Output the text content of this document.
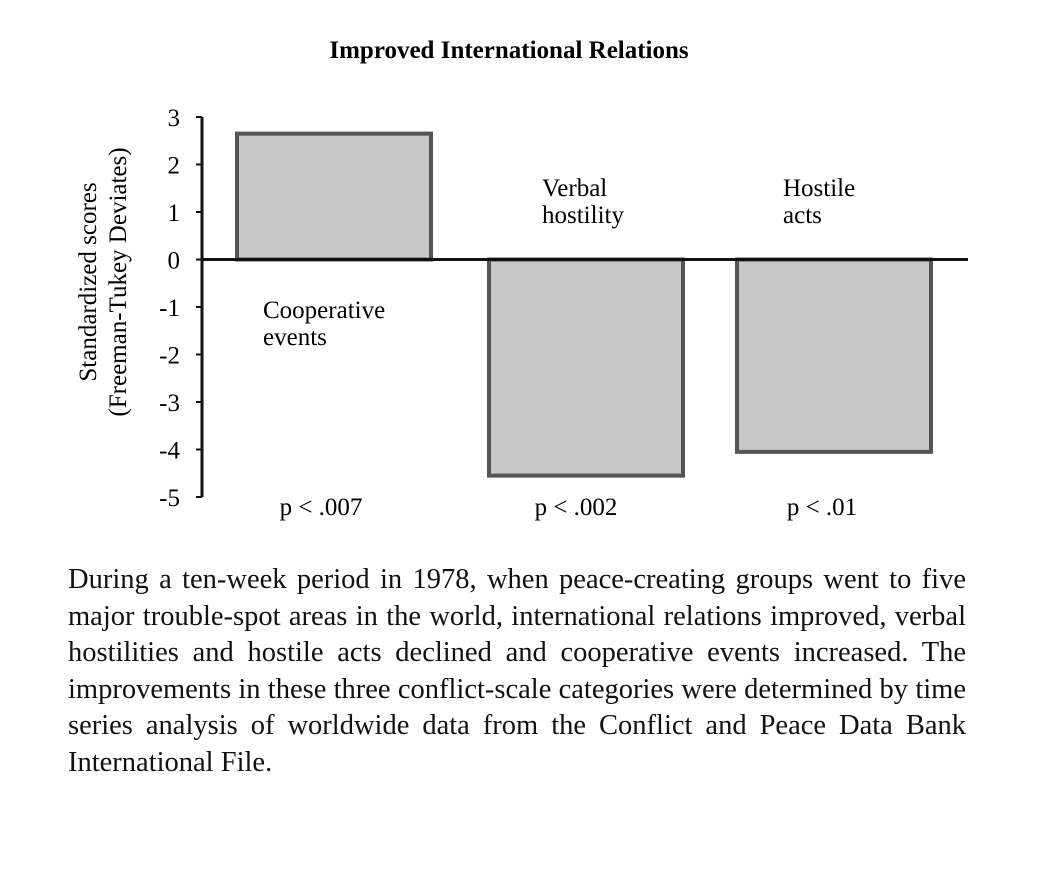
Improved International Relations
Standardized scores (Freeman-Tukey Deviates)
3
2
1
0
-1
-2
-3
-4
-5
Cooperative
events
Verbal
hostility
Hostile
acts
p < .007	p < .002	p < .01

During a ten-week period in 1978, when peace-creating groups went to five major trouble-spot areas in the world, international relations improved, verbal hostilities and hostile acts declined and cooperative events increased. The improvements in these three conflict-scale categories were determined by time series analysis of worldwide data from the Conflict and Peace Data Bank International File.
